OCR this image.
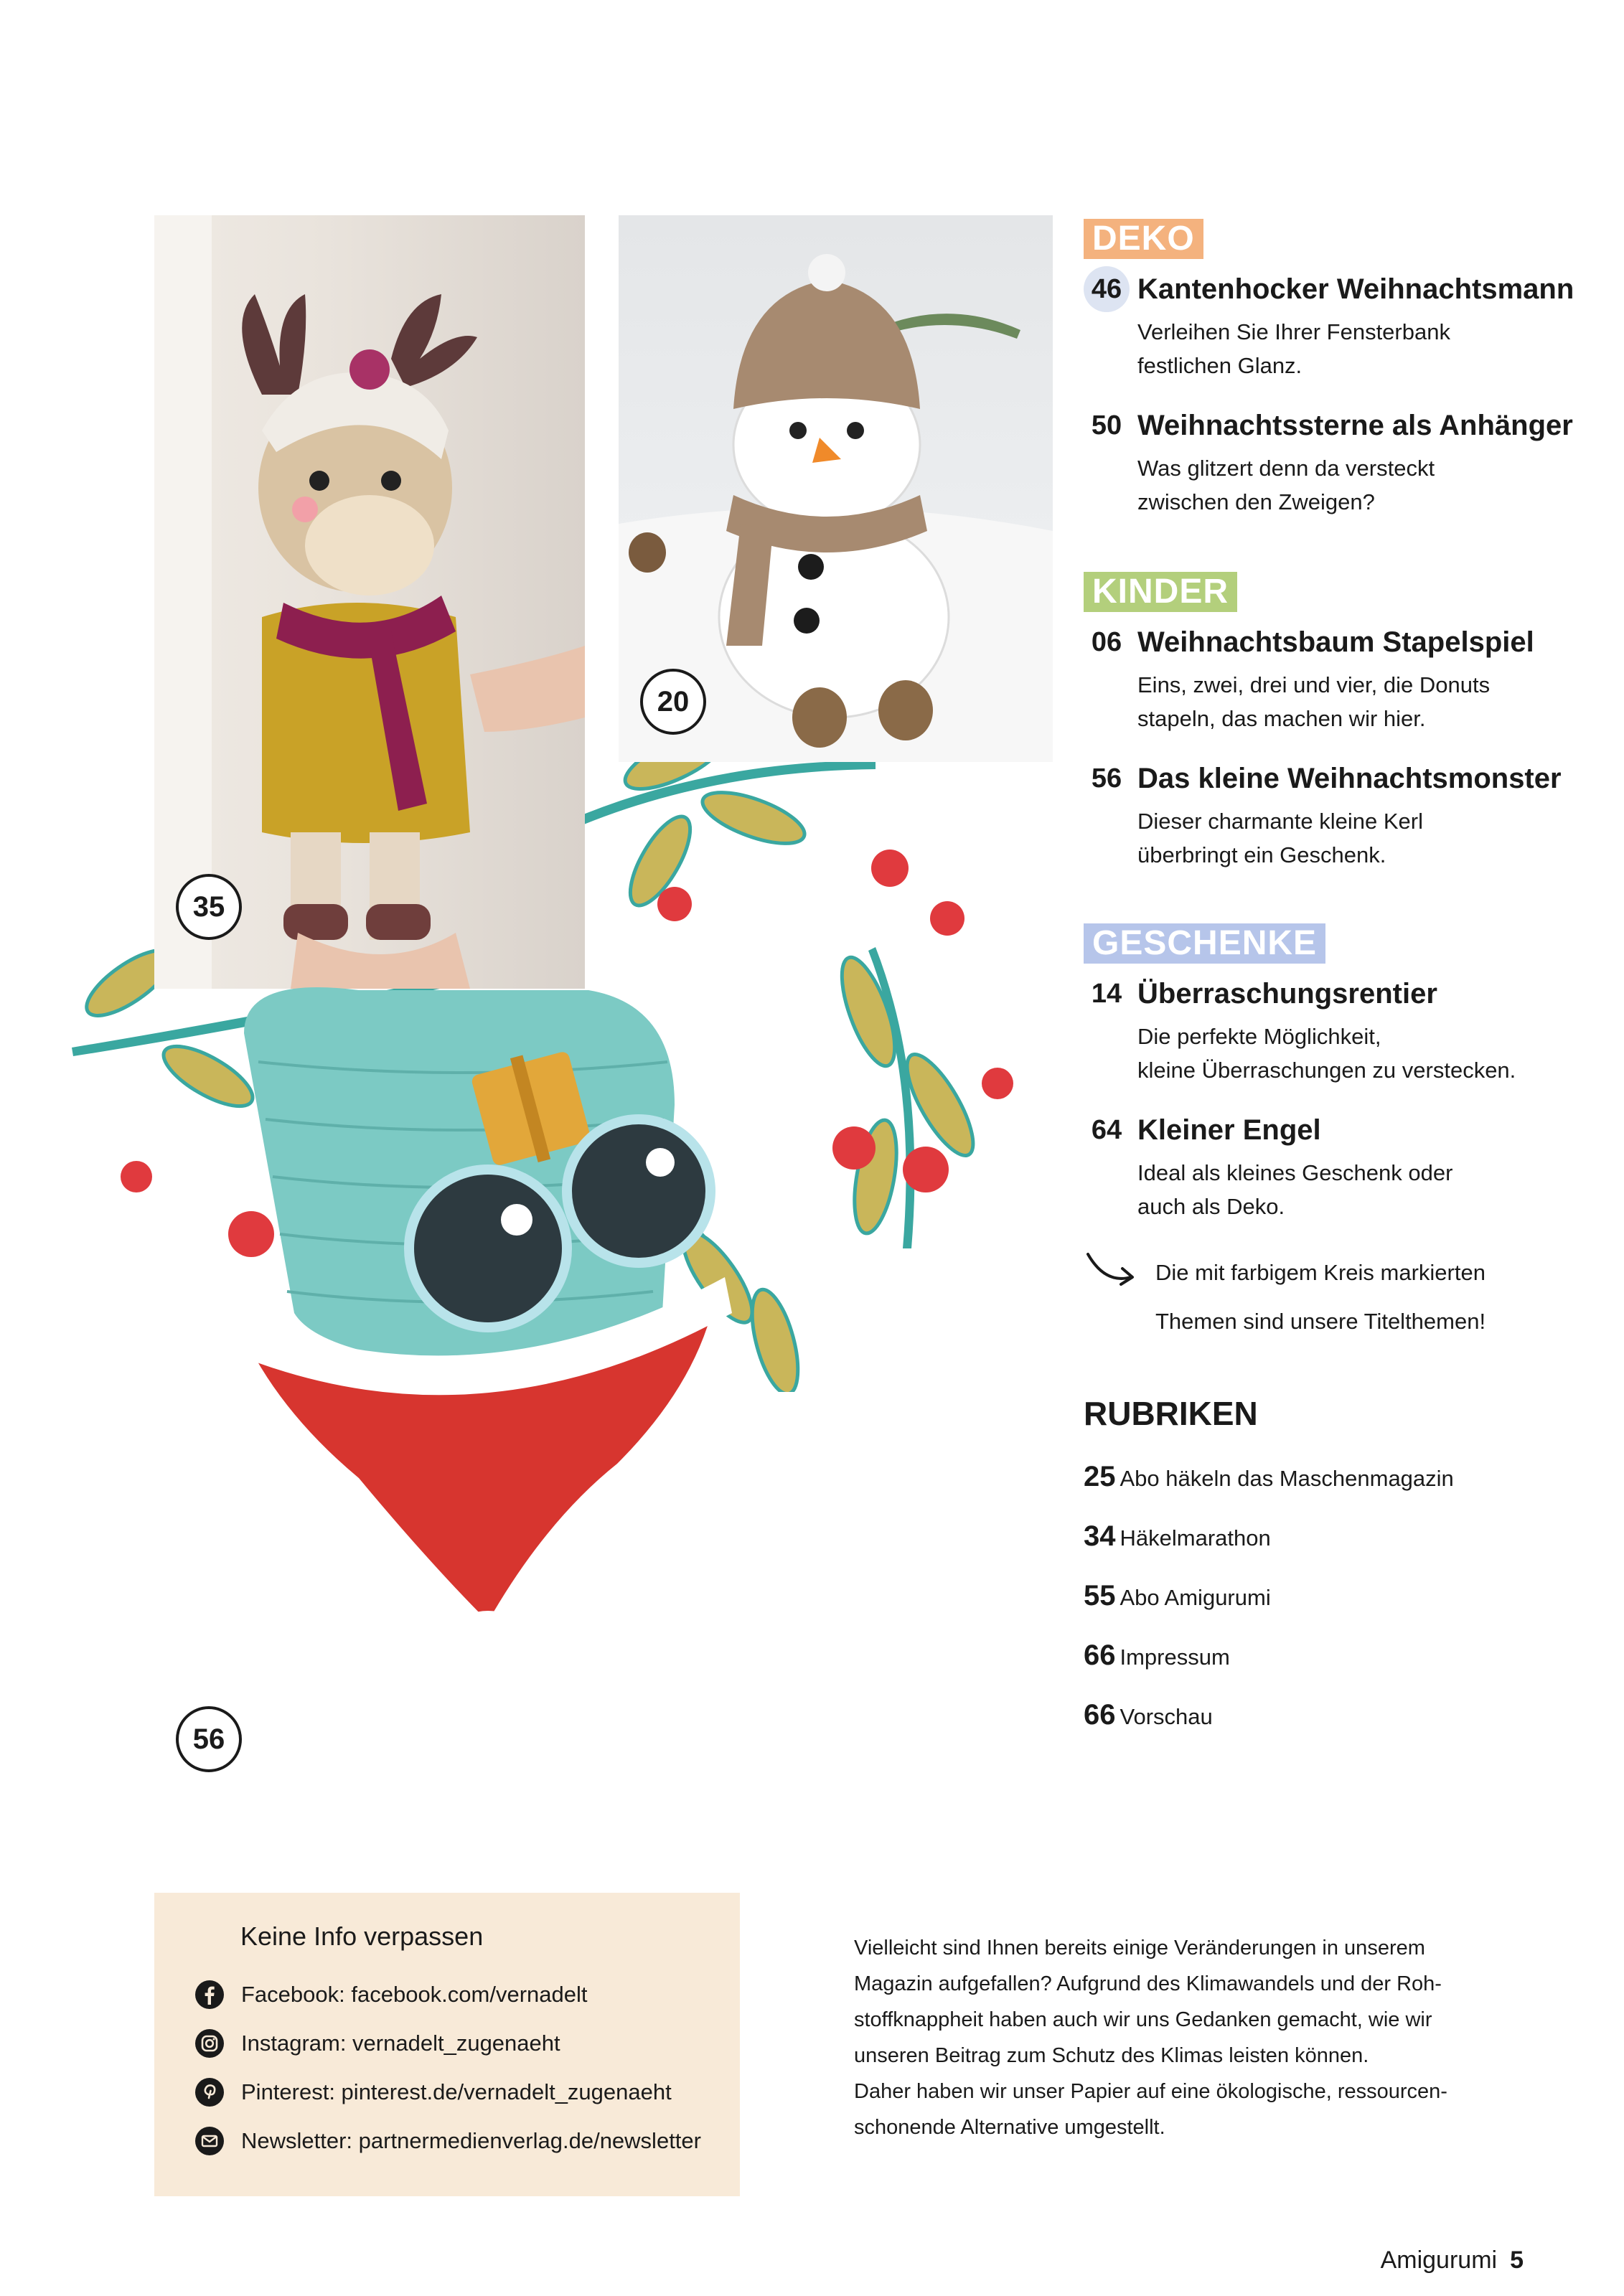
35
20
56
DEKO
46 Kantenhocker Weihnachtsmann
Verleihen Sie Ihrer Fensterbank
festlichen Glanz.
50 Weihnachtssterne als Anhänger
Was glitzert denn da versteckt
zwischen den Zweigen?
KINDER
06 Weihnachtsbaum Stapelspiel
Eins, zwei, drei und vier, die Donuts
stapeln, das machen wir hier.
56 Das kleine Weihnachtsmonster
Dieser charmante kleine Kerl
überbringt ein Geschenk.
GESCHENKE
14 Überraschungsrentier
Die perfekte Möglichkeit,
kleine Überraschungen zu verstecken.
64 Kleiner Engel
Ideal als kleines Geschenk oder
auch als Deko.
Die mit farbigem Kreis markierten
Themen sind unsere Titelthemen!
RUBRIKEN
25 Abo häkeln das Maschenmagazin
34 Häkelmarathon
55 Abo Amigurumi
66 Impressum
66 Vorschau
Keine Info verpassen
Facebook: facebook.com/vernadelt
Instagram: vernadelt_zugenaeht
Pinterest: pinterest.de/vernadelt_zugenaeht
Newsletter: partnermedienverlag.de/newsletter
Vielleicht sind Ihnen bereits einige Veränderungen in unserem
Magazin aufgefallen? Aufgrund des Klimawandels und der Roh-
stoffknappheit haben auch wir uns Gedanken gemacht, wie wir
unseren Beitrag zum Schutz des Klimas leisten können.
Daher haben wir unser Papier auf eine ökologische, ressourcen-
schonende Alternative umgestellt.
Amigurumi 5
